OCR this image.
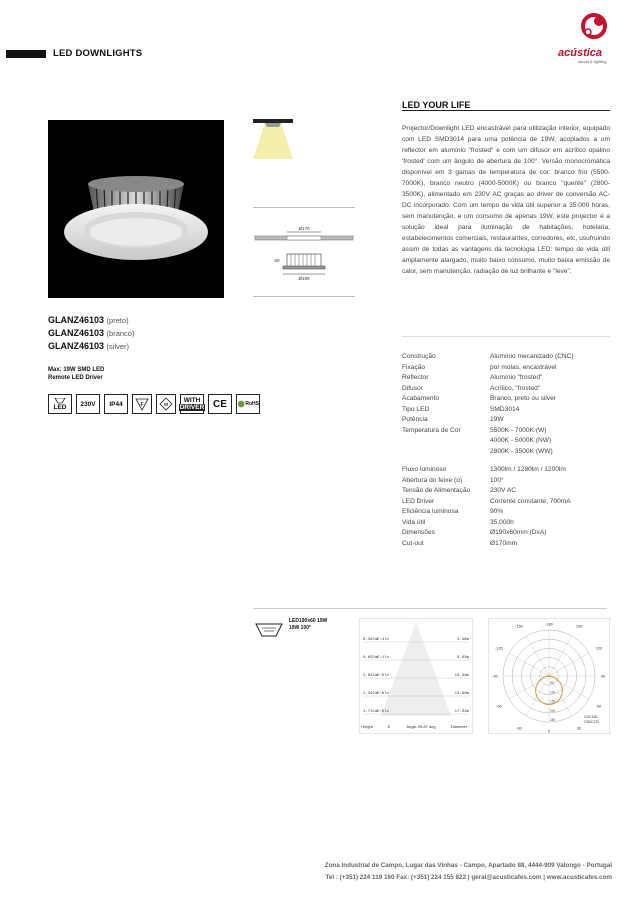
LED DOWNLIGHTS	acústica
sound & lighting
Ø170
60
Ø190
GLANZ46103 (preto)
GLANZ46103 (branco)
GLANZ46103 (silver)
Max: 19W SMD LED
Remote LED Driver
LED 230V IP44	F	III
WITH
DRIVER CE	RoHS
LED YOUR LIFE
Projector/Downlight LED encastrável para utilização interior, equipado com LED SMD3014 para uma potência de 19W, acoplados a um reflector em alumínio "frosted" e com um difusor em acrílico opalino 'frosted' com um ângulo de abertura de 100°. Versão monocromática disponível em 3 gamas de temperatura de cor: branco frio (5500-7000K), branco neutro (4000-5000K) ou branco "quente" (2800-3500K), alimentado em 230V AC graças ao driver de conversão AC-DC incorporado. Com um tempo de vida útil superior a 35.000 horas, sem manutenção, e um consumo de apenas 19W, este projector é a solução ideal para iluminação de habitações, hotelaria, estabelecimentos comerciais, restaurantes, corredores, etc, usufruindo assim de todas as vantagens da tecnologia LED: tempo de vida útil amplamente alargado, muito baixo consumo, muito baixa emissão de calor, sem manutenção, radiação de luz brilhante e "leve".
Construção	Alumínio mecanizado (CNC)
Fixação	por molas, encastrável
Reflector	Alumínio "frosted"
Difusor	Acrílico, "frosted"
Acabamento	Branco, preto ou silver
Tipo LED	SMD3014
Potência	19W
Temperatura de Cor	5500K - 7000K (W)
4000K - 5000K (NW)
2800K - 3500K (WW)
Fluxo luminoso	1300lm / 1280lm / 1200lm
Abertura do feixe (α)	100°
Tensão de Alimentação	230V AC
LED Driver	Corrente constante, 700mA
Eficiência luminosa	90%
Vida útil	35.000h
Dimensões	Ø190x60mm (DxA)
Cut-out	Ø170mm
LED190x60 19W
19W 100°
0.39lm E:4lx	3.46m
0.69lm E:1lx	6.93m
1.04lm E:0lx	10.39m
1.39lm E:0lx	13.86m
1.73lm E:0lx	17.32m
Height	E	Angle 99.87 deg	Diameter
-180
-150	150
-120	120
-90	90
-60	60
-30	30
0
50
100
150
200
250
C0/C180
C90/C270
Zona Industrial de Campo, Lugar das Vinhas - Campo, Apartado 88, 4444-909 Valongo - Portugal
Tel : (+351) 224 119 160 Fax: (+351) 224 155 822 | geral@acusticafes.com | www.acusticafes.com
